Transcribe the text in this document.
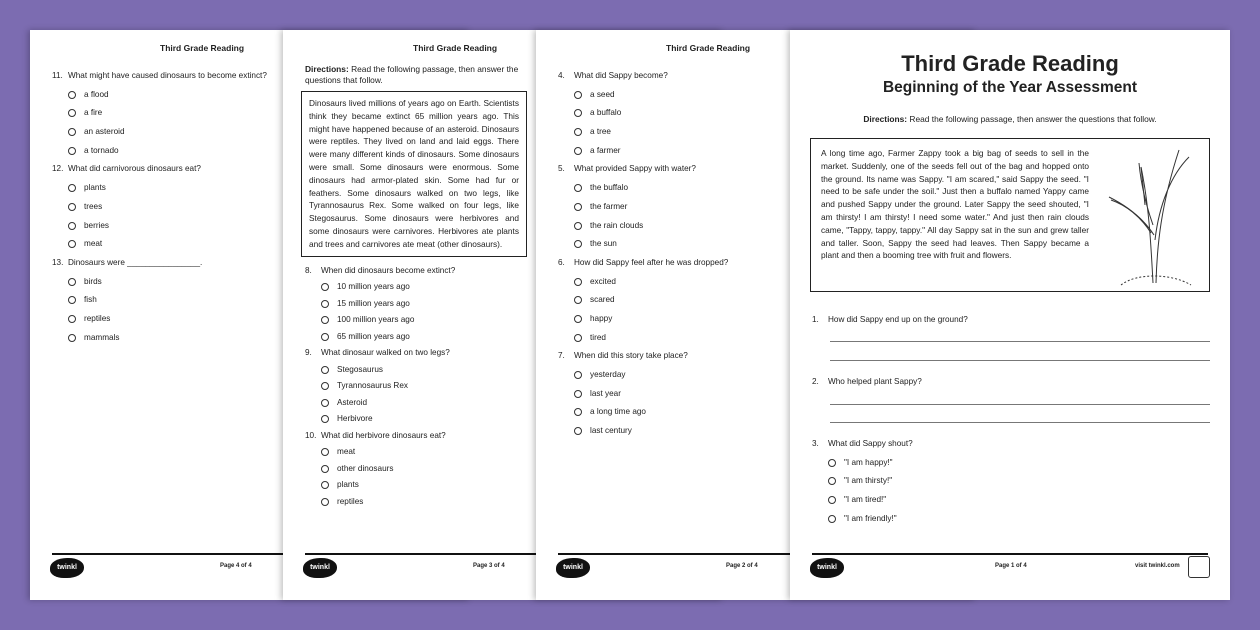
Third Grade Reading
11. What might have caused dinosaurs to become extinct?
a flood
a fire
an asteroid
a tornado
12. What did carnivorous dinosaurs eat?
plants
trees
berries
meat
13. Dinosaurs were ________________.
birds
fish
reptiles
mammals
twinkl	Page 4 of 4
Third Grade Reading
Directions: Read the following passage, then answer the questions that follow.
Dinosaurs lived millions of years ago on Earth. Scientists think they became extinct 65 million years ago. This might have happened because of an asteroid. Dinosaurs were reptiles. They lived on land and laid eggs. There were many different kinds of dinosaurs. Some dinosaurs were small. Some dinosaurs were enormous. Some dinosaurs had armor-plated skin. Some had fur or feathers. Some dinosaurs walked on two legs, like Tyrannosaurus Rex. Some walked on four legs, like Stegosaurus. Some dinosaurs were herbivores and some dinosaurs were carnivores. Herbivores ate plants and trees and carnivores ate meat (other dinosaurs).
8.	When did dinosaurs become extinct?
10 million years ago
15 million years ago
100 million years ago
65 million years ago
9.	What dinosaur walked on two legs?
Stegosaurus
Tyrannosaurus Rex
Asteroid
Herbivore
10. What did herbivore dinosaurs eat?
meat
other dinosaurs
plants
reptiles
twinkl	Page 3 of 4
Third Grade Reading
4.	What did Sappy become?
a seed
a buffalo
a tree
a farmer
5.	What provided Sappy with water?
the buffalo
the farmer
the rain clouds
the sun
6.	How did Sappy feel after he was dropped?
excited
scared
happy
tired
7.	When did this story take place?
yesterday
last year
a long time ago
last century
twinkl	Page 2 of 4
Third Grade Reading
Beginning of the Year Assessment
Directions: Read the following passage, then answer the questions that follow.
A long time ago, Farmer Zappy took a big bag of seeds to sell in the market. Suddenly, one of the seeds fell out of the bag and hopped onto the ground. Its name was Sappy. "I am scared," said Sappy the seed. "I need to be safe under the soil." Just then a buffalo named Yappy came and pushed Sappy under the ground. Later Sappy the seed shouted, "I am thirsty! I am thirsty! I need some water." And just then rain clouds came, "Tappy, tappy, tappy." All day Sappy sat in the sun and grew taller and taller. Soon, Sappy the seed had leaves. Then Sappy became a plant and then a booming tree with fruit and flowers.
1.	How did Sappy end up on the ground?
2.	Who helped plant Sappy?
3.	What did Sappy shout?
"I am happy!"
"I am thirsty!"
"I am tired!"
"I am friendly!"
twinkl	Page 1 of 4	visit twinkl.com
